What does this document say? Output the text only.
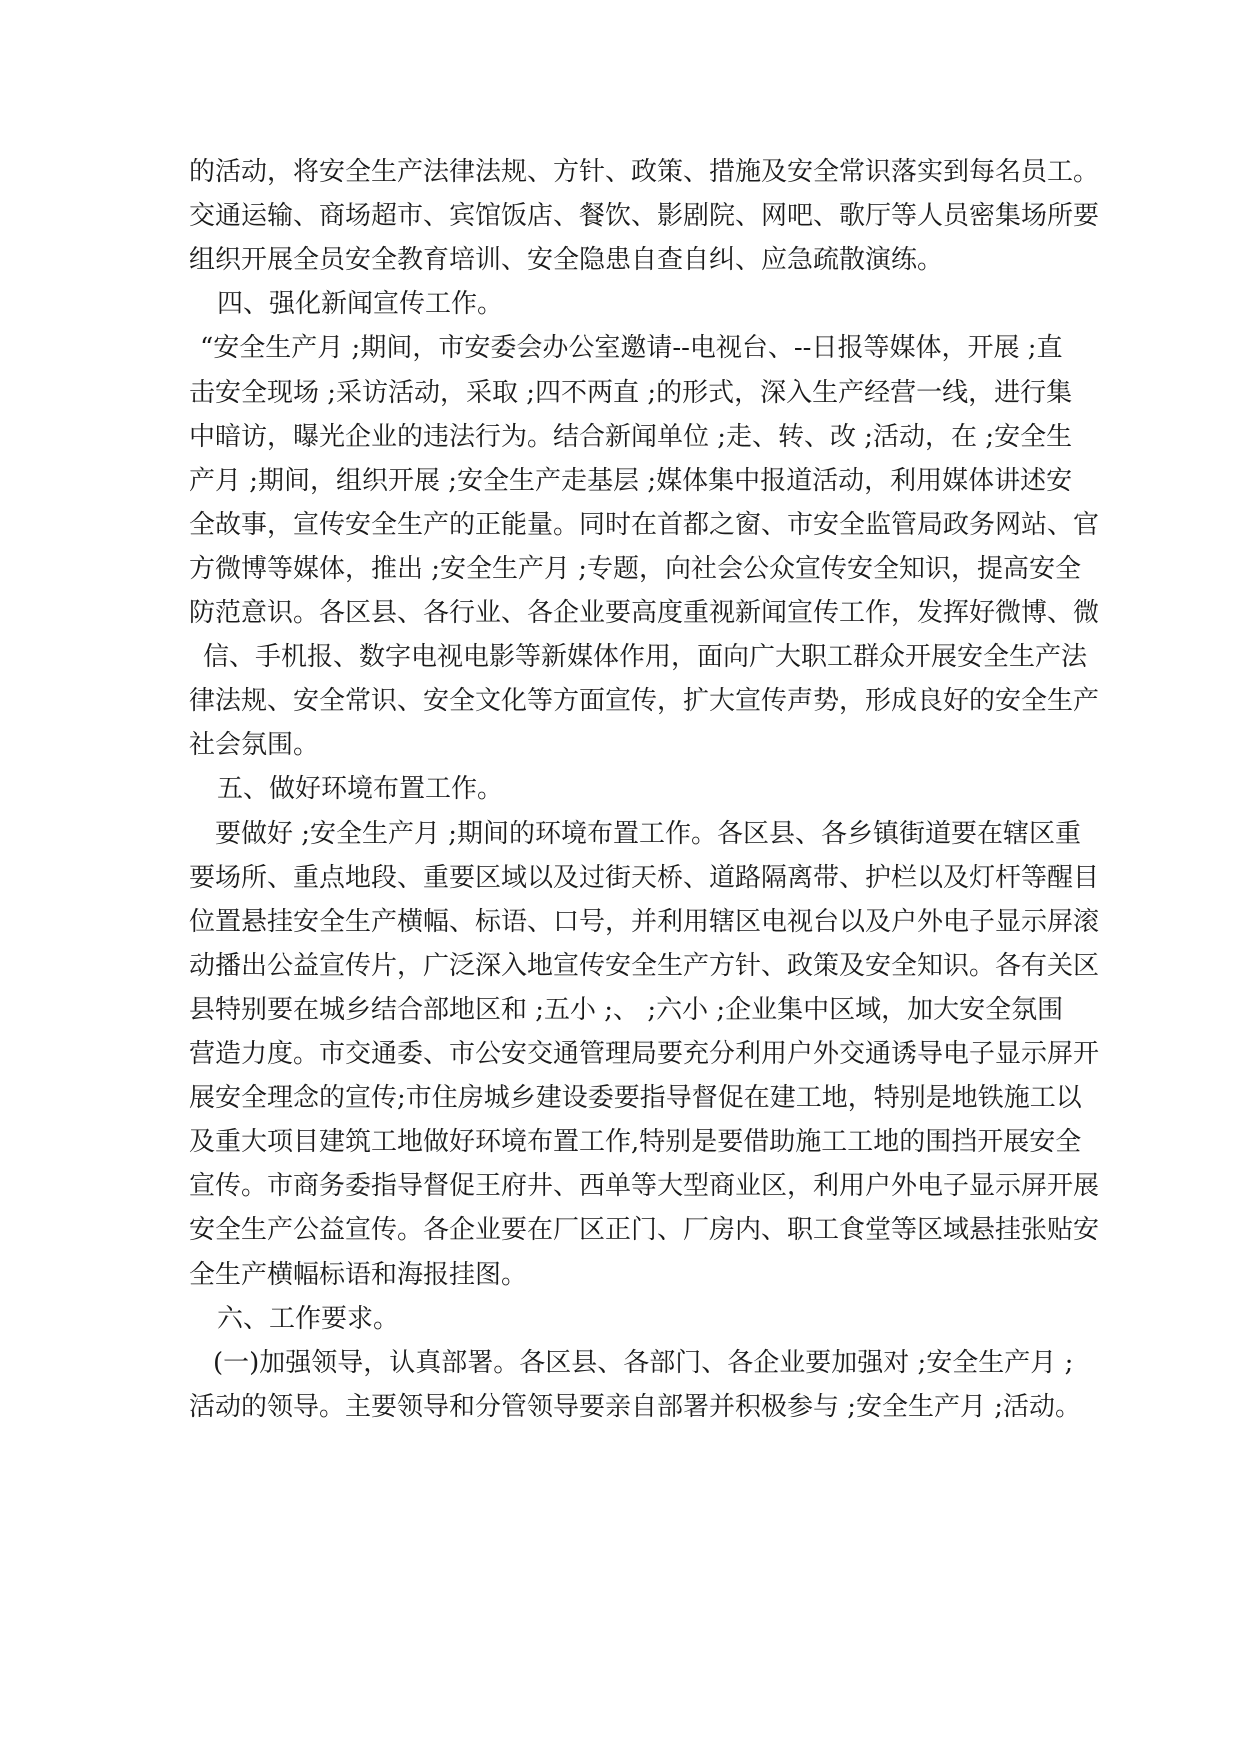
的活动，将安全生产法律法规、方针、政策、措施及安全常识落实到每名员工。
交通运输、商场超市、宾馆饭店、餐饮、影剧院、网吧、歌厅等人员密集场所要
组织开展全员安全教育培训、安全隐患自查自纠、应急疏散演练。
四、强化新闻宣传工作。
“安全生产月 ;期间，市安委会办公室邀请--电视台、--日报等媒体，开展 ;直
击安全现场 ;采访活动，采取 ;四不两直 ;的形式，深入生产经营一线，进行集
中暗访，曝光企业的违法行为。结合新闻单位 ;走、转、改 ;活动，在 ;安全生
产月 ;期间，组织开展 ;安全生产走基层 ;媒体集中报道活动，利用媒体讲述安
全故事，宣传安全生产的正能量。同时在首都之窗、市安全监管局政务网站、官
方微博等媒体，推出 ;安全生产月 ;专题，向社会公众宣传安全知识，提高安全
防范意识。各区县、各行业、各企业要高度重视新闻宣传工作，发挥好微博、微
信、手机报、数字电视电影等新媒体作用，面向广大职工群众开展安全生产法
律法规、安全常识、安全文化等方面宣传，扩大宣传声势，形成良好的安全生产
社会氛围。
五、做好环境布置工作。
要做好 ;安全生产月 ;期间的环境布置工作。各区县、各乡镇街道要在辖区重
要场所、重点地段、重要区域以及过街天桥、道路隔离带、护栏以及灯杆等醒目
位置悬挂安全生产横幅、标语、口号，并利用辖区电视台以及户外电子显示屏滚
动播出公益宣传片，广泛深入地宣传安全生产方针、政策及安全知识。各有关区
县特别要在城乡结合部地区和 ;五小 ;、 ;六小 ;企业集中区域，加大安全氛围
营造力度。市交通委、市公安交通管理局要充分利用户外交通诱导电子显示屏开
展安全理念的宣传;市住房城乡建设委要指导督促在建工地，特别是地铁施工以
及重大项目建筑工地做好环境布置工作,特别是要借助施工工地的围挡开展安全
宣传。市商务委指导督促王府井、西单等大型商业区，利用户外电子显示屏开展
安全生产公益宣传。各企业要在厂区正门、厂房内、职工食堂等区域悬挂张贴安
全生产横幅标语和海报挂图。
六、工作要求。
(一)加强领导，认真部署。各区县、各部门、各企业要加强对 ;安全生产月 ;
活动的领导。主要领导和分管领导要亲自部署并积极参与 ;安全生产月 ;活动。
